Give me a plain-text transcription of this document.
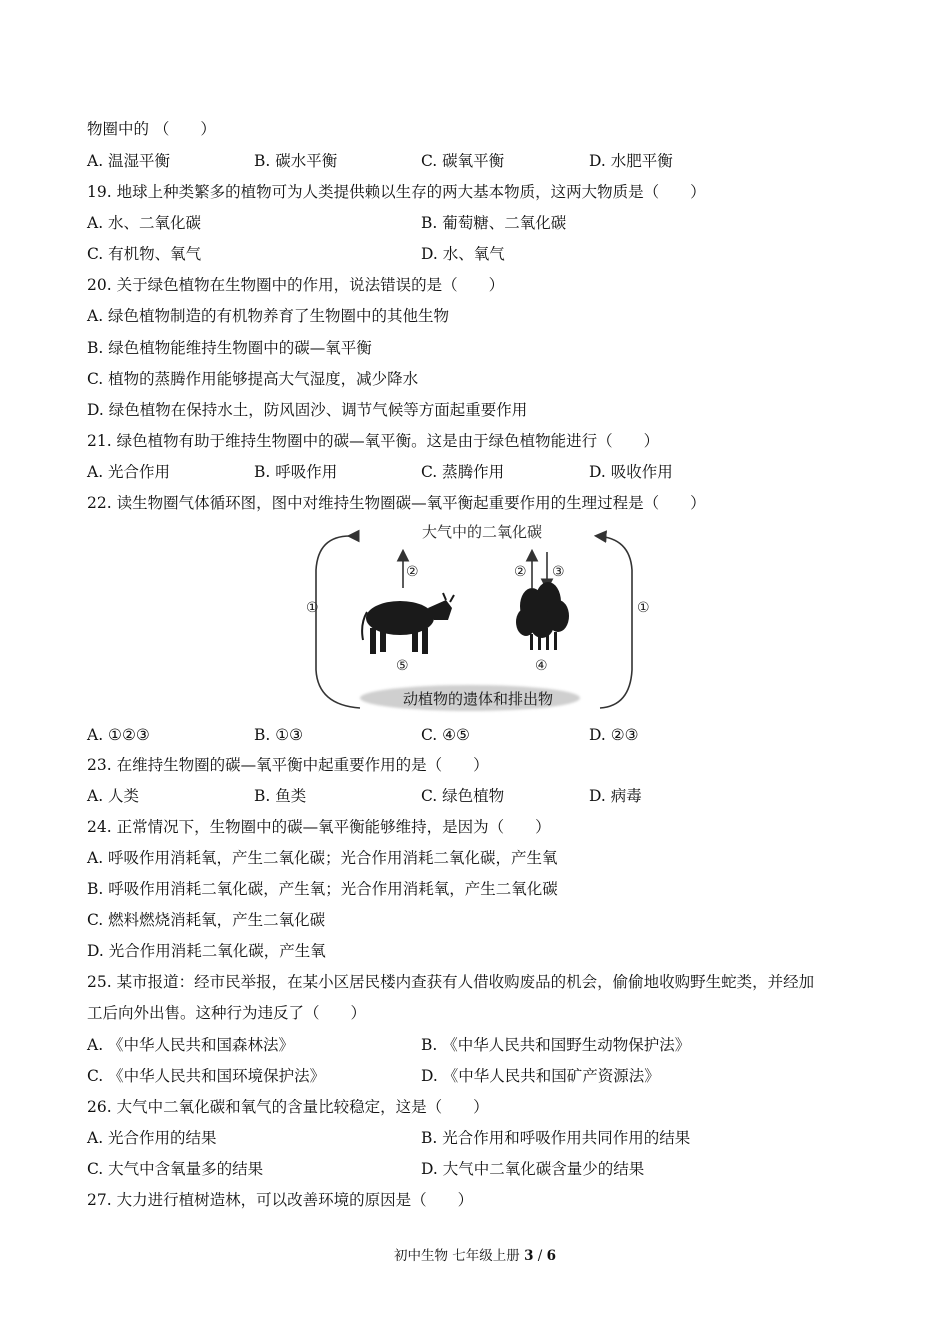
物圈中的 （　　）
A. 温湿平衡	B. 碳水平衡	C. 碳氧平衡	D. 水肥平衡
19. 地球上种类繁多的植物可为人类提供赖以生存的两大基本物质，这两大物质是（　　）
A. 水、二氧化碳	B. 葡萄糖、二氧化碳
C. 有机物、氧气	D. 水、氧气
20. 关于绿色植物在生物圈中的作用，说法错误的是（　　）
A. 绿色植物制造的有机物养育了生物圈中的其他生物
B. 绿色植物能维持生物圈中的碳—氧平衡
C. 植物的蒸腾作用能够提高大气湿度，减少降水
D. 绿色植物在保持水土，防风固沙、调节气候等方面起重要作用
21. 绿色植物有助于维持生物圈中的碳—氧平衡。这是由于绿色植物能进行（　　）
A. 光合作用	B. 呼吸作用	C. 蒸腾作用	D. 吸收作用
22. 读生物圈气体循环图，图中对维持生物圈碳—氧平衡起重要作用的生理过程是（　　）
大气中的二氧化碳
①	①
②	② ③
⑤	④
动植物的遗体和排出物
A. ①②③	B. ①③	C. ④⑤	D. ②③
23. 在维持生物圈的碳—氧平衡中起重要作用的是（　　）
A. 人类	B. 鱼类	C. 绿色植物	D. 病毒
24. 正常情况下，生物圈中的碳—氧平衡能够维持，是因为（　　）
A. 呼吸作用消耗氧，产生二氧化碳；光合作用消耗二氧化碳，产生氧
B. 呼吸作用消耗二氧化碳，产生氧；光合作用消耗氧，产生二氧化碳
C. 燃料燃烧消耗氧，产生二氧化碳
D. 光合作用消耗二氧化碳，产生氧
25. 某市报道：经市民举报，在某小区居民楼内查获有人借收购废品的机会，偷偷地收购野生蛇类，并经加
工后向外出售。这种行为违反了（　　）
A. 《中华人民共和国森林法》	B. 《中华人民共和国野生动物保护法》
C. 《中华人民共和国环境保护法》	D. 《中华人民共和国矿产资源法》
26. 大气中二氧化碳和氧气的含量比较稳定，这是（　　）
A. 光合作用的结果	B. 光合作用和呼吸作用共同作用的结果
C. 大气中含氧量多的结果	D. 大气中二氧化碳含量少的结果
27. 大力进行植树造林，可以改善环境的原因是（　　）
初中生物 七年级上册 3 / 6
